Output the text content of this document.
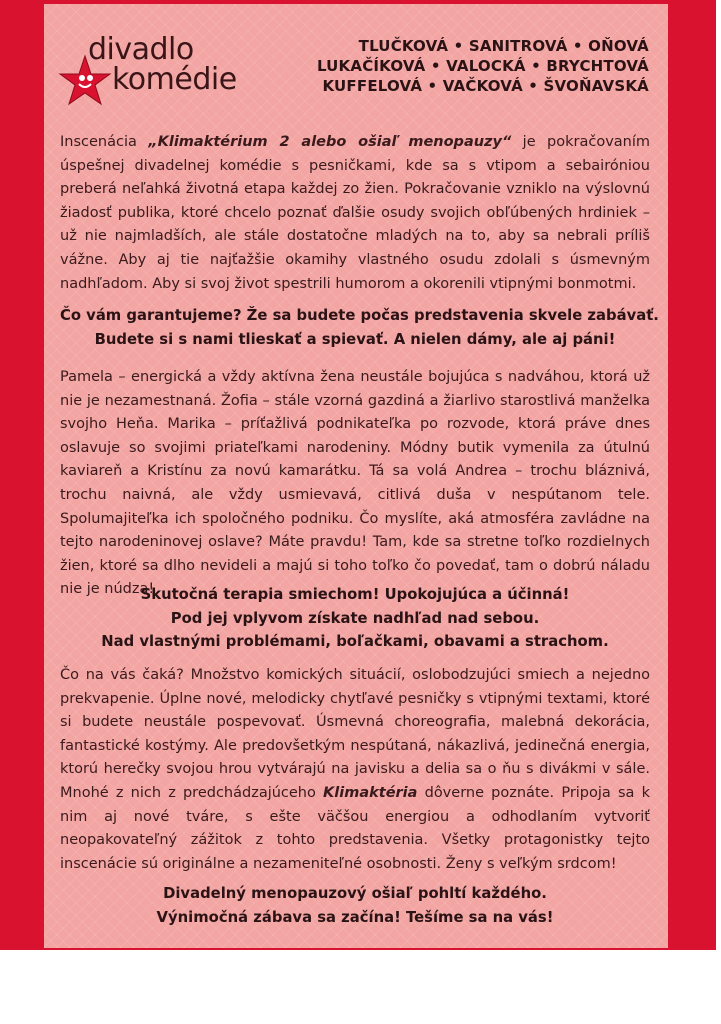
divadlo
komédie
TLUČKOVÁ • SANITROVÁ • OŇOVÁ
LUKAČÍKOVÁ • VALOCKÁ • BRYCHTOVÁ
KUFFELOVÁ • VAČKOVÁ • ŠVOŇAVSKÁ
Inscenácia „Klimaktérium 2 alebo ošiaľ menopauzy“ je pokračovaním úspešnej divadelnej komédie s pesničkami, kde sa s vtipom a sebairóniou preberá neľahká životná etapa každej zo žien. Pokračovanie vzniklo na výslovnú žiadosť publika, ktoré chcelo poznať ďalšie osudy svojich obľúbených hrdiniek – už nie najmladších, ale stále dostatočne mladých na to, aby sa nebrali príliš vážne. Aby aj tie najťažšie okamihy vlastného osudu zdolali s úsmevným nadhľadom. Aby si svoj život spestrili humorom a okorenili vtipnými bonmotmi.
Čo vám garantujeme? Že sa budete počas predstavenia skvele zabávať.
Budete si s nami tlieskať a spievať. A nielen dámy, ale aj páni!
Pamela – energická a vždy aktívna žena neustále bojujúca s nadváhou, ktorá už nie je nezamestnaná. Žofia – stále vzorná gazdiná a žiarlivo starostlivá manželka svojho Heňa. Marika – príťažlivá podnikateľka po rozvode, ktorá práve dnes oslavuje so svojimi priateľkami narodeniny. Módny butik vymenila za útulnú kaviareň a Kristínu za novú kamarátku. Tá sa volá Andrea – trochu bláznivá, trochu naivná, ale vždy usmievavá, citlivá duša v nespútanom tele. Spolumajiteľka ich spoločného podniku. Čo myslíte, aká atmosféra zavládne na tejto narodeninovej oslave? Máte pravdu! Tam, kde sa stretne toľko rozdielnych žien, ktoré sa dlho nevideli a majú si toho toľko čo povedať, tam o dobrú náladu nie je núdza!
Skutočná terapia smiechom! Upokojujúca a účinná!
Pod jej vplyvom získate nadhľad nad sebou.
Nad vlastnými problémami, boľačkami, obavami a strachom.
Čo na vás čaká? Množstvo komických situácií, oslobodzujúci smiech a nejedno prekvapenie. Úplne nové, melodicky chytľavé pesničky s vtipnými textami, ktoré si budete neustále pospevovať. Úsmevná choreografia, malebná dekorácia, fantastické kostýmy. Ale predovšetkým nespútaná, nákazlivá, jedinečná energia, ktorú herečky svojou hrou vytvárajú na javisku a delia sa o ňu s divákmi v sále. Mnohé z nich z predchádzajúceho Klimaktéria dôverne poznáte. Pripoja sa k nim aj nové tváre, s ešte väčšou energiou a odhodlaním vytvoriť neopakovateľný zážitok z tohto predstavenia. Všetky protagonistky tejto inscenácie sú originálne a nezameniteľné osobnosti. Ženy s veľkým srdcom!
Divadelný menopauzový ošiaľ pohltí každého.
Výnimočná zábava sa začína! Tešíme sa na vás!
